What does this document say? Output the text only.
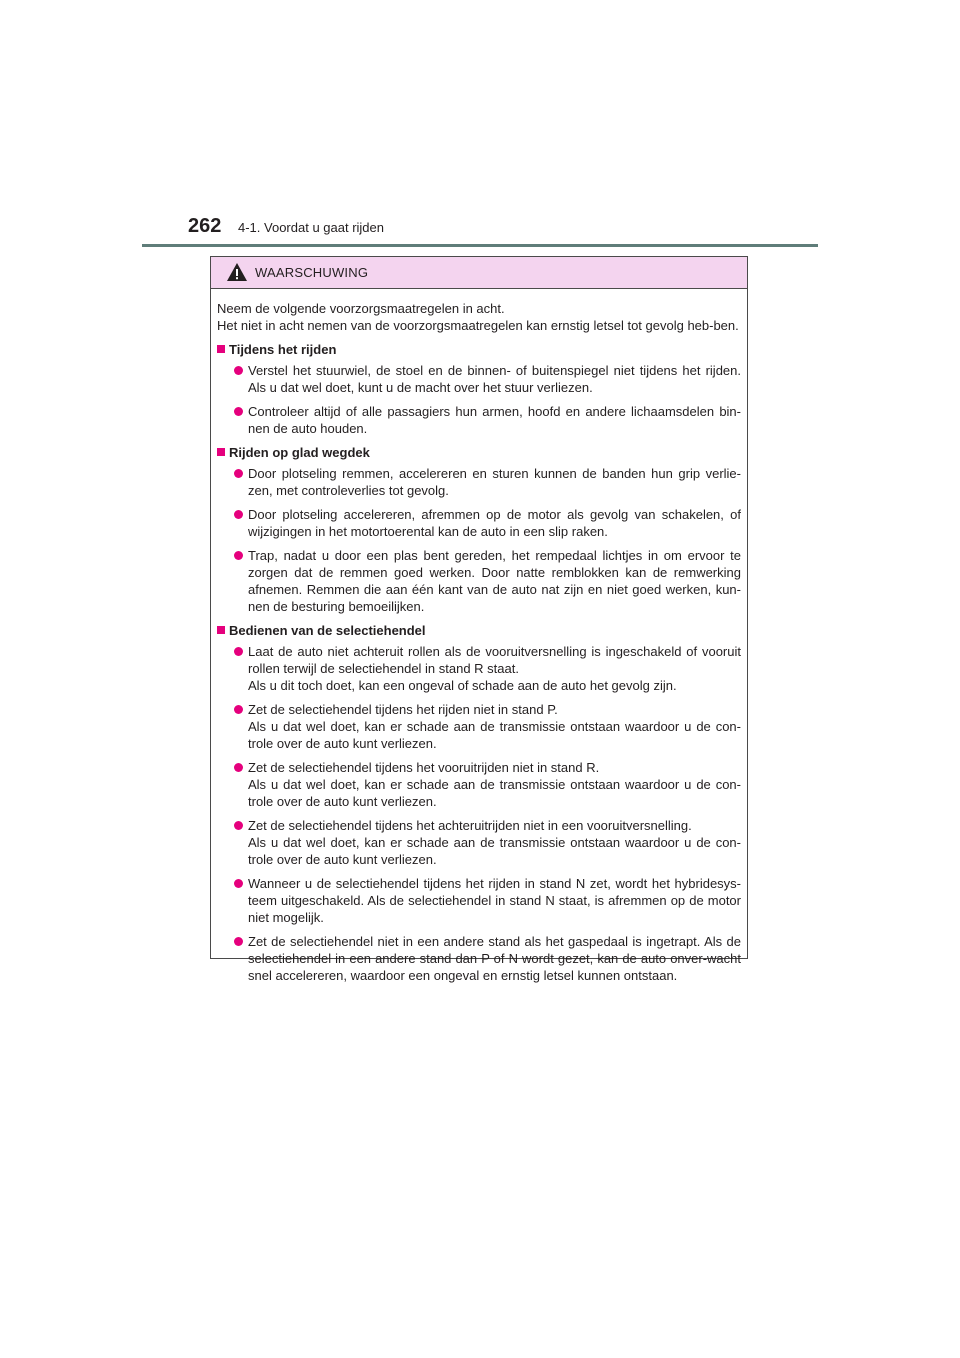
262 4-1. Voordat u gaat rijden
WAARSCHUWING

Neem de volgende voorzorgsmaatregelen in acht.

Het niet in acht nemen van de voorzorgsmaatregelen kan ernstig letsel tot gevolg heb-ben.

Tijdens het rijden
Verstel het stuurwiel, de stoel en de binnen- of buitenspiegel niet tijdens het rijden. Als u dat wel doet, kunt u de macht over het stuur verliezen.
Controleer altijd of alle passagiers hun armen, hoofd en andere lichaamsdelen bin-nen de auto houden.
Rijden op glad wegdek
Door plotseling remmen, accelereren en sturen kunnen de banden hun grip verlie-zen, met controleverlies tot gevolg.
Door plotseling accelereren, afremmen op de motor als gevolg van schakelen, of wijzigingen in het motortoerental kan de auto in een slip raken.
Trap, nadat u door een plas bent gereden, het rempedaal lichtjes in om ervoor te zorgen dat de remmen goed werken. Door natte remblokken kan de remwerking afnemen. Remmen die aan één kant van de auto nat zijn en niet goed werken, kun-nen de besturing bemoeilijken.
Bedienen van de selectiehendel
Laat de auto niet achteruit rollen als de vooruitversnelling is ingeschakeld of vooruit rollen terwijl de selectiehendel in stand R staat.
Als u dit toch doet, kan een ongeval of schade aan de auto het gevolg zijn.
Zet de selectiehendel tijdens het rijden niet in stand P.
Als u dat wel doet, kan er schade aan de transmissie ontstaan waardoor u de con-trole over de auto kunt verliezen.
Zet de selectiehendel tijdens het vooruitrijden niet in stand R.
Als u dat wel doet, kan er schade aan de transmissie ontstaan waardoor u de con-trole over de auto kunt verliezen.
Zet de selectiehendel tijdens het achteruitrijden niet in een vooruitversnelling.
Als u dat wel doet, kan er schade aan de transmissie ontstaan waardoor u de con-trole over de auto kunt verliezen.
Wanneer u de selectiehendel tijdens het rijden in stand N zet, wordt het hybridesys-teem uitgeschakeld. Als de selectiehendel in stand N staat, is afremmen op de motor niet mogelijk.
Zet de selectiehendel niet in een andere stand als het gaspedaal is ingetrapt. Als de selectiehendel in een andere stand dan P of N wordt gezet, kan de auto onver-wacht snel accelereren, waardoor een ongeval en ernstig letsel kunnen ontstaan.
